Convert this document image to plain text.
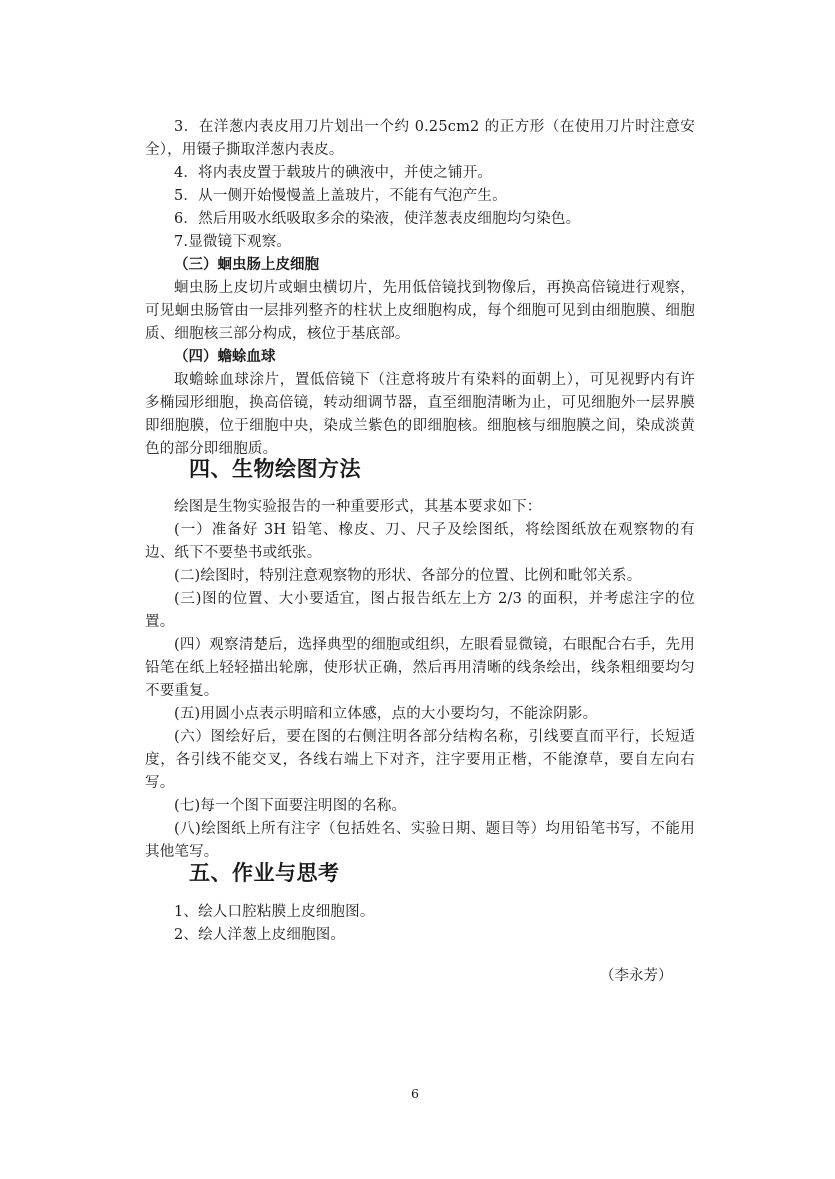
3．在洋葱内表皮用刀片划出一个约 0.25cm2 的正方形（在使用刀片时注意安全），用镊子撕取洋葱内表皮。

4．将内表皮置于载玻片的碘液中，并使之铺开。

5．从一侧开始慢慢盖上盖玻片，不能有气泡产生。

6．然后用吸水纸吸取多余的染液，使洋葱表皮细胞均匀染色。

7.显微镜下观察。

（三）蛔虫肠上皮细胞

蛔虫肠上皮切片或蛔虫横切片，先用低倍镜找到物像后，再换高倍镜进行观察，可见蛔虫肠管由一层排列整齐的柱状上皮细胞构成，每个细胞可见到由细胞膜、细胞质、细胞核三部分构成，核位于基底部。

（四）蟾蜍血球

取蟾蜍血球涂片，置低倍镜下（注意将玻片有染料的面朝上），可见视野内有许多椭园形细胞，换高倍镜，转动细调节器，直至细胞清晰为止，可见细胞外一层界膜即细胞膜，位于细胞中央，染成兰紫色的即细胞核。细胞核与细胞膜之间，染成淡黄色的部分即细胞质。

四、生物绘图方法

绘图是生物实验报告的一种重要形式，其基本要求如下：

(一）准备好 3H 铅笔、橡皮、刀、尺子及绘图纸，将绘图纸放在观察物的有边、纸下不要垫书或纸张。

(二)绘图时，特别注意观察物的形状、各部分的位置、比例和毗邻关系。

(三)图的位置、大小要适宜，图占报告纸左上方 2/3 的面积，并考虑注字的位置。

(四）观察清楚后，选择典型的细胞或组织，左眼看显微镜，右眼配合右手，先用铅笔在纸上轻轻描出轮廓，使形状正确，然后再用清晰的线条绘出，线条粗细要均匀不要重复。

(五)用圆小点表示明暗和立体感，点的大小要均匀，不能涂阴影。

(六）图绘好后，要在图的右侧注明各部分结构名称，引线要直而平行，长短适度，各引线不能交叉，各线右端上下对齐，注字要用正楷，不能潦草，要自左向右写。

(七)每一个图下面要注明图的名称。

(八)绘图纸上所有注字（包括姓名、实验日期、题目等）均用铅笔书写，不能用其他笔写。

五、作业与思考

1、绘人口腔粘膜上皮细胞图。

2、绘人洋葱上皮细胞图。

（李永芳）
6
